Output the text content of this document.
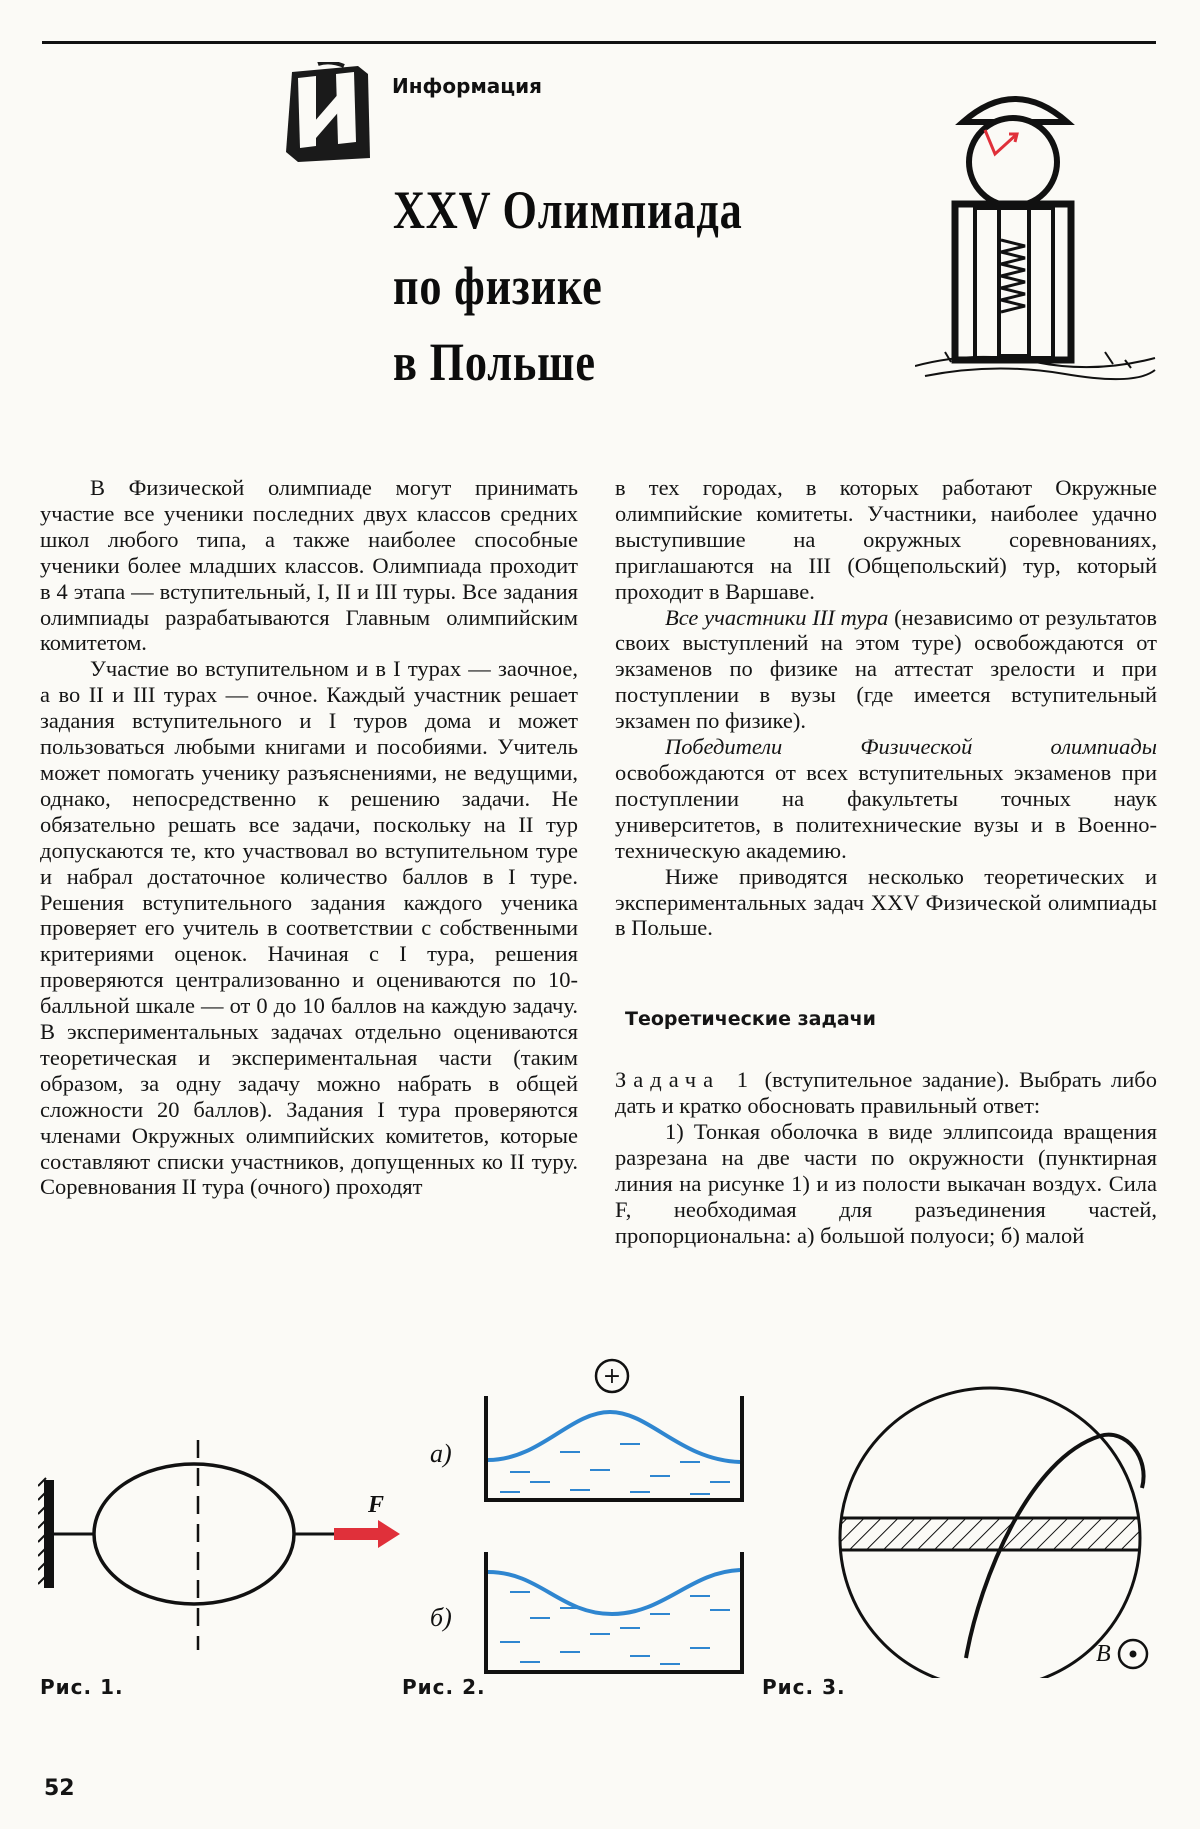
И
Информация
XXV Олимпиада
по физике
в Польше

В Физической олимпиаде могут принимать участие все ученики последних двух классов средних школ любого типа, а также наиболее способные ученики более младших классов. Олимпиада проходит в 4 этапа — вступительный, I, II и III туры. Все задания олимпиады разрабатываются Главным олимпийским комитетом.

Участие во вступительном и в I турах — заочное, а во II и III турах — очное. Каждый участник решает задания вступительного и I туров дома и может пользоваться любыми книгами и пособиями. Учитель может помогать ученику разъяснениями, не ведущими, однако, непосредственно к решению задачи. Не обязательно решать все задачи, поскольку на II тур допускаются те, кто участвовал во вступительном туре и набрал достаточное количество баллов в I туре. Решения вступительного задания каждого ученика проверяет его учитель в соответствии с собственными критериями оценок. Начиная с I тура, решения проверяются централизованно и оцениваются по 10-балльной шкале — от 0 до 10 баллов на каждую задачу. В экспериментальных задачах отдельно оцениваются теоретическая и экспериментальная части (таким образом, за одну задачу можно набрать в общей сложности 20 баллов). Задания I тура проверяются членами Окружных олимпийских комитетов, которые составляют списки участников, допущенных ко II туру. Соревнования II тура (очного) проходят

в тех городах, в которых работают Окружные олимпийские комитеты. Участники, наиболее удачно выступившие на окружных соревнованиях, приглашаются на III (Общепольский) тур, который проходит в Варшаве.

Все участники III тура (независимо от результатов своих выступлений на этом туре) освобождаются от экзаменов по физике на аттестат зрелости и при поступлении в вузы (где имеется вступительный экзамен по физике).

Победители Физической олимпиады освобождаются от всех вступительных экзаменов при поступлении на факультеты точных наук университетов, в политехнические вузы и в Военно-техническую академию.

Ниже приводятся несколько теоретических и экспериментальных задач XXV Физической олимпиады в Польше.

Теоретические задачи

Задача 1 (вступительное задание). Выбрать либо дать и кратко обосновать правильный ответ:

1) Тонкая оболочка в виде эллипсоида вращения разрезана на две части по окружности (пунктирная линия на рисунке 1) и из полости выкачан воздух. Сила F, необходимая для разъединения частей, пропорциональна: а) большой полуоси; б) малой

F
+
а)
б)
B
Рис. 1.	Рис. 2.	Рис. 3.
52
